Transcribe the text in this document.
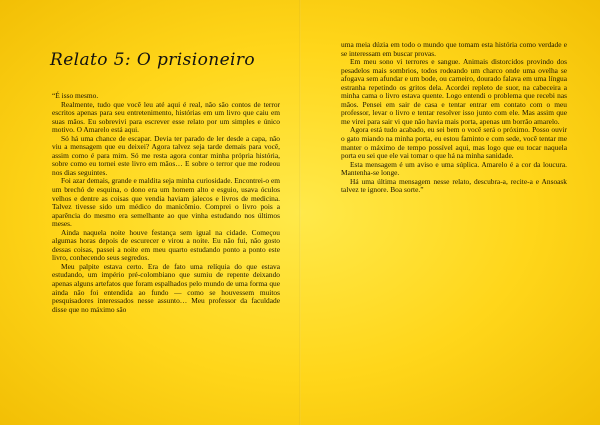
Relato 5: O prisioneiro

“É isso mesmo.

Realmente, tudo que você leu até aqui é real, não são contos de terror escritos apenas para seu entretenimento, histórias em um livro que caiu em suas mãos. Eu sobrevivi para escrever esse relato por um simples e único motivo. O Amarelo está aqui.

Só há uma chance de escapar. Devia ter parado de ler desde a capa, não viu a mensagem que eu deixei? Agora talvez seja tarde demais para você, assim como é para mim. Só me resta agora contar minha própria história, sobre como eu tornei este livro em mãos… E sobre o terror que me rodeou nos dias seguintes.

Foi azar demais, grande e maldita seja minha curiosidade. Encontrei-o em um brechó de esquina, o dono era um homem alto e esguio, usava óculos velhos e dentre as coisas que vendia haviam jalecos e livros de medicina. Talvez tivesse sido um médico do manicômio. Comprei o livro pois a aparência do mesmo era semelhante ao que vinha estudando nos últimos meses.

Ainda naquela noite houve festança sem igual na cidade. Começou algumas horas depois de escurecer e virou a noite. Eu não fui, não gosto dessas coisas, passei a noite em meu quarto estudando ponto a ponto este livro, conhecendo seus segredos.

Meu palpite estava certo. Era de fato uma relíquia do que estava estudando, um império pré-colombiano que sumiu de repente deixando apenas alguns artefatos que foram espalhados pelo mundo de uma forma que ainda não foi entendida ao fundo — como se houvessem muitos pesquisadores interessados nesse assunto… Meu professor da faculdade disse que no máximo são

uma meia dúzia em todo o mundo que tomam esta história como verdade e se interessam em buscar provas.

Em meu sono vi terrores e sangue. Animais distorcidos provindo dos pesadelos mais sombrios, todos rodeando um charco onde uma ovelha se afogava sem afundar e um bode, ou carneiro, dourado falava em uma língua estranha repetindo os gritos dela. Acordei repleto de suor, na cabeceira a minha cama o livro estava quente. Logo entendi o problema que recebi nas mãos. Pensei em sair de casa e tentar entrar em contato com o meu professor, levar o livro e tentar resolver isso junto com ele. Mas assim que me virei para sair vi que não havia mais porta, apenas um borrão amarelo.

Agora está tudo acabado, eu sei bem o você será o próximo. Posso ouvir o gato miando na minha porta, eu estou faminto e com sede, você tentar me manter o máximo de tempo possível aqui, mas logo que eu tocar naquela porta eu sei que ele vai tomar o que há na minha sanidade.

Esta mensagem é um aviso e uma súplica. Amarelo é a cor da loucura. Mantenha-se longe.

Há uma última mensagem nesse relato, descubra-a, recite-a e Ansoask talvez te ignore. Boa sorte.”
